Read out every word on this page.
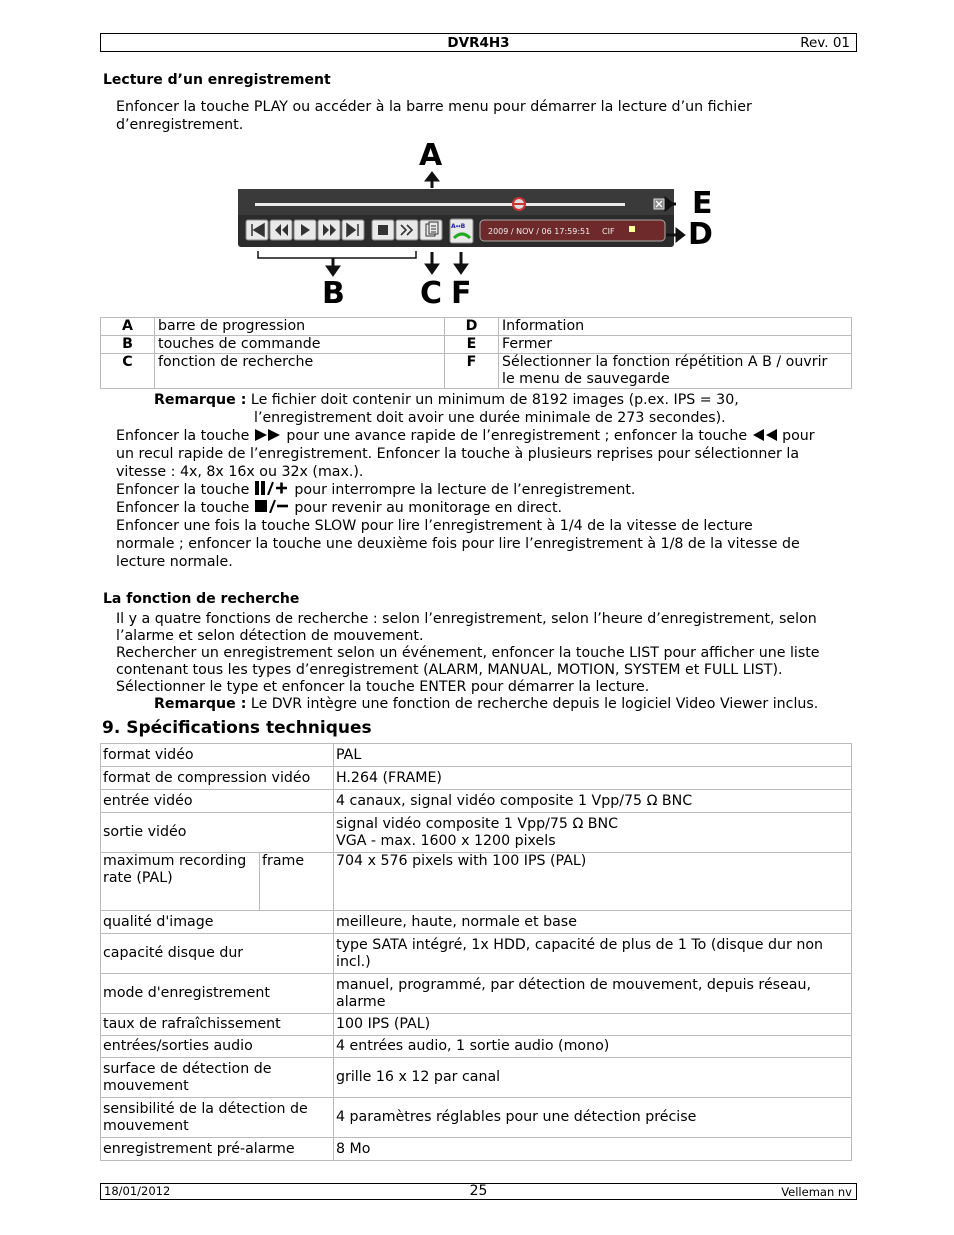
DVR4H3	Rev. 01
Lecture d’un enregistrement
Enfoncer la touche PLAY ou accéder à la barre menu pour démarrer la lecture d’un fichier
d’enregistrement.
A↔B
2009 / NOV / 06 17:59:51 CIF
A
B	C
D
E
F
A	barre de progression	D	Information
B	touches de commande	E	Fermer
C	fonction de recherche	F	Sélectionner la fonction répétition A B / ouvrir
le menu de sauvegarde
Remarque : Le fichier doit contenir un minimum de 8192 images (p.ex. IPS = 30,
l’enregistrement doit avoir une durée minimale de 273 secondes).
Enfoncer la touche  pour une avance rapide de l’enregistrement ; enfoncer la touche  pour
un recul rapide de l’enregistrement. Enfoncer la touche à plusieurs reprises pour sélectionner la
vitesse : 4x, 8x 16x ou 32x (max.).
Enfoncer la touche	pour interrompre la lecture de l’enregistrement.
Enfoncer la touche	pour revenir au monitorage en direct.
Enfoncer une fois la touche SLOW pour lire l’enregistrement à 1/4 de la vitesse de lecture
normale ; enfoncer la touche une deuxième fois pour lire l’enregistrement à 1/8 de la vitesse de
lecture normale.
La fonction de recherche
Il y a quatre fonctions de recherche : selon l’enregistrement, selon l’heure d’enregistrement, selon
l’alarme et selon détection de mouvement.
Rechercher un enregistrement selon un événement, enfoncer la touche LIST pour afficher une liste
contenant tous les types d’enregistrement (ALARM, MANUAL, MOTION, SYSTEM et FULL LIST).
Sélectionner le type et enfoncer la touche ENTER pour démarrer la lecture.
Remarque : Le DVR intègre une fonction de recherche depuis le logiciel Video Viewer inclus.
9. Spécifications techniques
format vidéo		PAL
format de compression vidéo		H.264 (FRAME)
entrée vidéo		4 canaux, signal vidéo composite 1 Vpp/75 Ω BNC
sortie vidéo		signal vidéo composite 1 Vpp/75 Ω BNC
VGA - max. 1600 x 1200 pixels

maximum recording
rate (PAL)	frame	704 x 576 pixels with 100 IPS (PAL)
qualité d'image		meilleure, haute, normale et base
capacité disque dur		type SATA intégré, 1x HDD, capacité de plus de 1 To (disque dur non
incl.)

mode d'enregistrement		manuel, programmé, par détection de mouvement, depuis réseau,
alarme

taux de rafraîchissement		100 IPS (PAL)
entrées/sorties audio		4 entrées audio, 1 sortie audio (mono)

surface de détection de
mouvement		grille 16 x 12 par canal

sensibilité de la détection de
mouvement		4 paramètres réglables pour une détection précise
enregistrement pré-alarme		8 Mo
18/01/2012	25	Velleman nv
